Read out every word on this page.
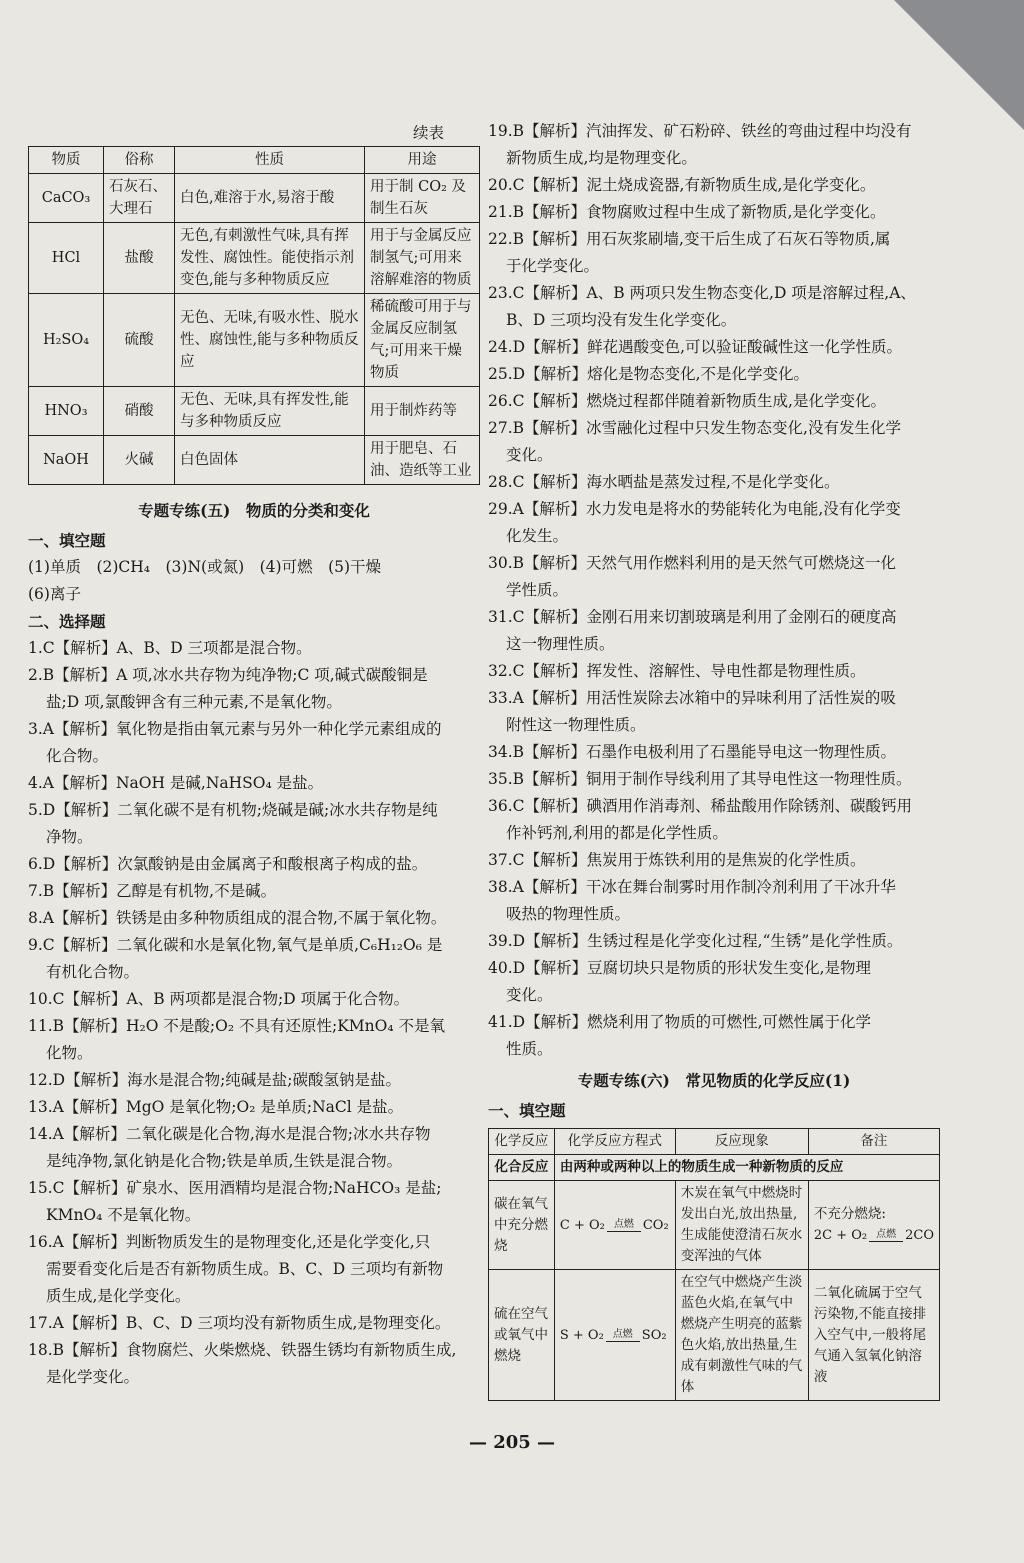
续表
物质	俗称	性质	用途
CaCO₃	石灰石、大理石	白色,难溶于水,易溶于酸	用于制 CO₂ 及制生石灰
HCl	盐酸	无色,有刺激性气味,具有挥发性、腐蚀性。能使指示剂变色,能与多种物质反应	用于与金属反应制氢气;可用来溶解难溶的物质
H₂SO₄	硫酸	无色、无味,有吸水性、脱水性、腐蚀性,能与多种物质反应	稀硫酸可用于与金属反应制氢气;可用来干燥物质
HNO₃	硝酸	无色、无味,具有挥发性,能与多种物质反应	用于制炸药等
NaOH	火碱	白色固体	用于肥皂、石油、造纸等工业
专题专练(五)　物质的分类和变化
一、填空题
(1)单质　(2)CH₄　(3)N(或氮)　(4)可燃　(5)干燥
(6)离子
二、选择题
1.C【解析】A、B、D 三项都是混合物。
2.B【解析】A 项,冰水共存物为纯净物;C 项,碱式碳酸铜是
盐;D 项,氯酸钾含有三种元素,不是氧化物。
3.A【解析】氧化物是指由氧元素与另外一种化学元素组成的
化合物。
4.A【解析】NaOH 是碱,NaHSO₄ 是盐。
5.D【解析】二氧化碳不是有机物;烧碱是碱;冰水共存物是纯
净物。
6.D【解析】次氯酸钠是由金属离子和酸根离子构成的盐。
7.B【解析】乙醇是有机物,不是碱。
8.A【解析】铁锈是由多种物质组成的混合物,不属于氧化物。
9.C【解析】二氧化碳和水是氧化物,氧气是单质,C₆H₁₂O₆ 是
有机化合物。
10.C【解析】A、B 两项都是混合物;D 项属于化合物。
11.B【解析】H₂O 不是酸;O₂ 不具有还原性;KMnO₄ 不是氧
化物。
12.D【解析】海水是混合物;纯碱是盐;碳酸氢钠是盐。
13.A【解析】MgO 是氧化物;O₂ 是单质;NaCl 是盐。
14.A【解析】二氧化碳是化合物,海水是混合物;冰水共存物
是纯净物,氯化钠是化合物;铁是单质,生铁是混合物。
15.C【解析】矿泉水、医用酒精均是混合物;NaHCO₃ 是盐;
KMnO₄ 不是氧化物。
16.A【解析】判断物质发生的是物理变化,还是化学变化,只
需要看变化后是否有新物质生成。B、C、D 三项均有新物
质生成,是化学变化。
17.A【解析】B、C、D 三项均没有新物质生成,是物理变化。
18.B【解析】食物腐烂、火柴燃烧、铁器生锈均有新物质生成,
是化学变化。
19.B【解析】汽油挥发、矿石粉碎、铁丝的弯曲过程中均没有
新物质生成,均是物理变化。
20.C【解析】泥土烧成瓷器,有新物质生成,是化学变化。
21.B【解析】食物腐败过程中生成了新物质,是化学变化。
22.B【解析】用石灰浆刷墙,变干后生成了石灰石等物质,属
于化学变化。
23.C【解析】A、B 两项只发生物态变化,D 项是溶解过程,A、
B、D 三项均没有发生化学变化。
24.D【解析】鲜花遇酸变色,可以验证酸碱性这一化学性质。
25.D【解析】熔化是物态变化,不是化学变化。
26.C【解析】燃烧过程都伴随着新物质生成,是化学变化。
27.B【解析】冰雪融化过程中只发生物态变化,没有发生化学
变化。
28.C【解析】海水晒盐是蒸发过程,不是化学变化。
29.A【解析】水力发电是将水的势能转化为电能,没有化学变
化发生。
30.B【解析】天然气用作燃料利用的是天然气可燃烧这一化
学性质。
31.C【解析】金刚石用来切割玻璃是利用了金刚石的硬度高
这一物理性质。
32.C【解析】挥发性、溶解性、导电性都是物理性质。
33.A【解析】用活性炭除去冰箱中的异味利用了活性炭的吸
附性这一物理性质。
34.B【解析】石墨作电极利用了石墨能导电这一物理性质。
35.B【解析】铜用于制作导线利用了其导电性这一物理性质。
36.C【解析】碘酒用作消毒剂、稀盐酸用作除锈剂、碳酸钙用
作补钙剂,利用的都是化学性质。
37.C【解析】焦炭用于炼铁利用的是焦炭的化学性质。
38.A【解析】干冰在舞台制雾时用作制冷剂利用了干冰升华
吸热的物理性质。
39.D【解析】生锈过程是化学变化过程,“生锈”是化学性质。
40.D【解析】豆腐切块只是物质的形状发生变化,是物理
变化。
41.D【解析】燃烧利用了物质的可燃性,可燃性属于化学
性质。
专题专练(六)　常见物质的化学反应(1)
一、填空题
化学反应	化学反应方程式	反应现象	备注
化合反应	由两种或两种以上的物质生成一种新物质的反应		
碳在氧气中充分燃烧	C + O₂ 点燃 CO₂	木炭在氧气中燃烧时发出白光,放出热量,生成能使澄清石灰水变浑浊的气体	不充分燃烧:
2C + O₂ 点燃 2CO
硫在空气或氧气中燃烧	S + O₂ 点燃 SO₂	在空气中燃烧产生淡蓝色火焰,在氧气中燃烧产生明亮的蓝紫色火焰,放出热量,生成有刺激性气味的气体	二氧化硫属于空气污染物,不能直接排入空气中,一般将尾气通入氢氧化钠溶液
— 205 —
